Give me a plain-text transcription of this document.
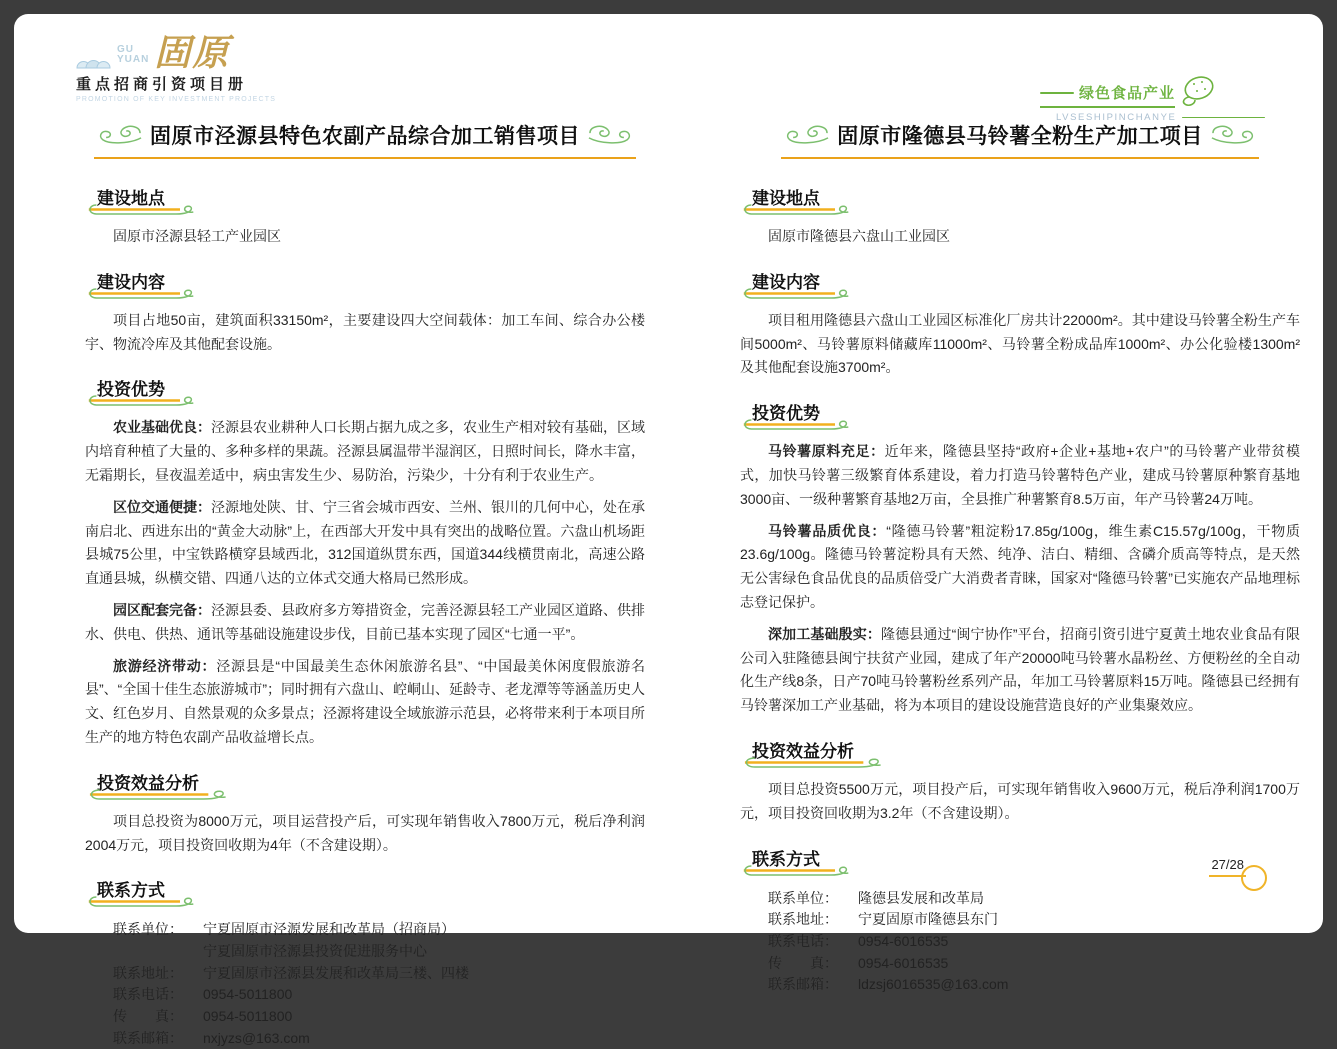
GU
YUAN 固原
重点招商引资项目册
PROMOTION OF KEY INVESTMENT PROJECTS	绿色食品产业
LVSESHIPINCHANYE
固原市泾源县特色农副产品综合加工销售项目
建设地点

固原市泾源县轻工产业园区

建设内容

项目占地50亩，建筑面积33150m²，主要建设四大空间载体：加工车间、综合办公楼宇、物流冷库及其他配套设施。

投资优势

农业基础优良：泾源县农业耕种人口长期占据九成之多，农业生产相对较有基础，区域内培育种植了大量的、多种多样的果蔬。泾源县属温带半湿润区，日照时间长，降水丰富，无霜期长，昼夜温差适中，病虫害发生少、易防治，污染少，十分有利于农业生产。

区位交通便捷：泾源地处陕、甘、宁三省会城市西安、兰州、银川的几何中心，处在承南启北、西进东出的“黄金大动脉”上，在西部大开发中具有突出的战略位置。六盘山机场距县城75公里，中宝铁路横穿县域西北，312国道纵贯东西，国道344线横贯南北，高速公路直通县城，纵横交错、四通八达的立体式交通大格局已然形成。

园区配套完备：泾源县委、县政府多方筹措资金，完善泾源县轻工产业园区道路、供排水、供电、供热、通讯等基础设施建设步伐，目前已基本实现了园区“七通一平”。

旅游经济带动：泾源县是“中国最美生态休闲旅游名县”、“中国最美休闲度假旅游名县”、“全国十佳生态旅游城市”；同时拥有六盘山、崆峒山、延龄寺、老龙潭等等涵盖历史人文、红色岁月、自然景观的众多景点；泾源将建设全域旅游示范县，必将带来利于本项目所生产的地方特色农副产品收益增长点。

投资效益分析

项目总投资为8000万元，项目运营投产后，可实现年销售收入7800万元，税后净利润2004万元，项目投资回收期为4年（不含建设期）。

联系方式
联系单位：	宁夏固原市泾源发展和改革局（招商局）
宁夏固原市泾源县投资促进服务中心
联系地址：	宁夏固原市泾源县发展和改革局三楼、四楼
联系电话：	0954-5011800
传　　真：	0954-5011800
联系邮箱：	nxjyzs@163.com
固原市隆德县马铃薯全粉生产加工项目
建设地点

固原市隆德县六盘山工业园区

建设内容

项目租用隆德县六盘山工业园区标准化厂房共计22000m²。其中建设马铃薯全粉生产车间5000m²、马铃薯原料储藏库11000m²、马铃薯全粉成品库1000m²、办公化验楼1300m²及其他配套设施3700m²。

投资优势

马铃薯原料充足：近年来，隆德县坚持“政府+企业+基地+农户”的马铃薯产业带贫模式，加快马铃薯三级繁育体系建设，着力打造马铃薯特色产业，建成马铃薯原种繁育基地3000亩、一级种薯繁育基地2万亩，全县推广种薯繁育8.5万亩，年产马铃薯24万吨。

马铃薯品质优良：“隆德马铃薯”粗淀粉17.85g/100g，维生素C15.57g/100g，干物质23.6g/100g。隆德马铃薯淀粉具有天然、纯净、洁白、精细、含磷介质高等特点，是天然无公害绿色食品优良的品质倍受广大消费者青睐，国家对“隆德马铃薯”已实施农产品地理标志登记保护。

深加工基础殷实：隆德县通过“闽宁协作”平台，招商引资引进宁夏黄土地农业食品有限公司入驻隆德县闽宁扶贫产业园，建成了年产20000吨马铃薯水晶粉丝、方便粉丝的全自动化生产线8条，日产70吨马铃薯粉丝系列产品，年加工马铃薯原料15万吨。隆德县已经拥有马铃薯深加工产业基础，将为本项目的建设设施营造良好的产业集聚效应。

投资效益分析

项目总投资5500万元，项目投产后，可实现年销售收入9600万元，税后净利润1700万元，项目投资回收期为3.2年（不含建设期）。

联系方式
联系单位：	隆德县发展和改革局
联系地址：	宁夏固原市隆德县东门
联系电话：	0954-6016535
传　　真：	0954-6016535
联系邮箱：	ldzsj6016535@163.com
27/28
